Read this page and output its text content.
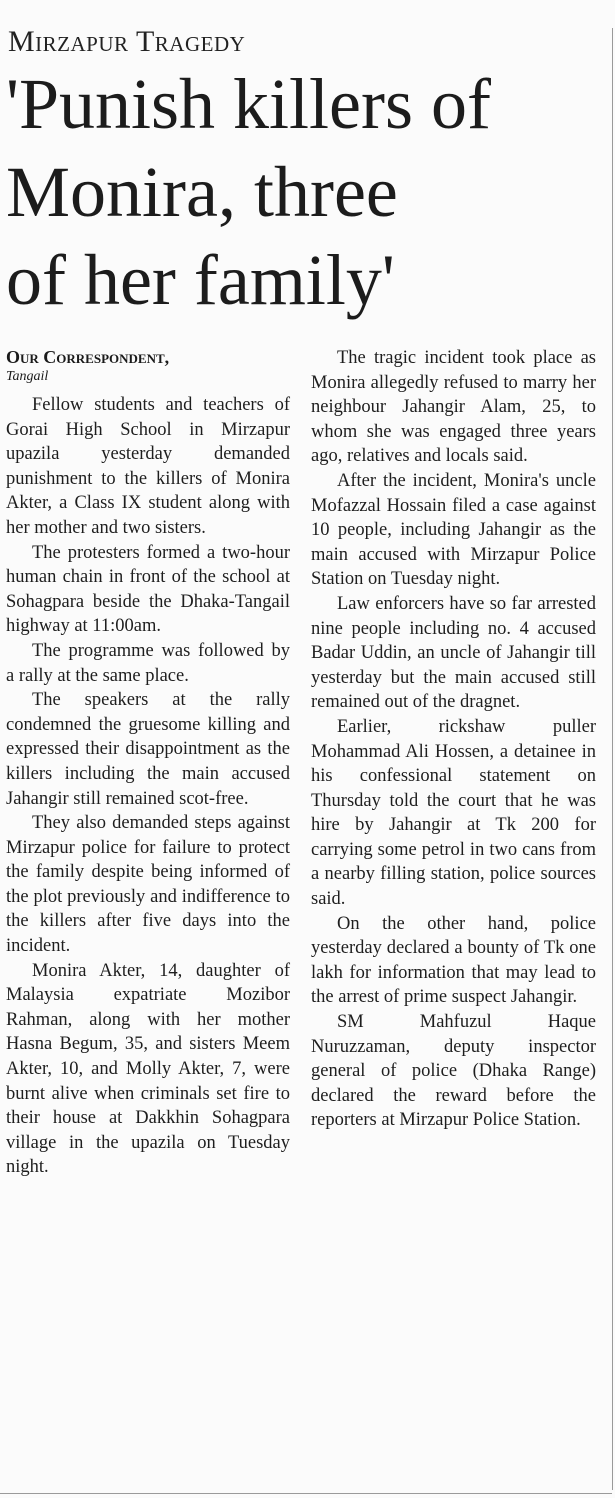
Mirzapur Tragedy
'Punish killers of
Monira, three
of her family'
Our Correspondent,
Tangail

Fellow students and teachers of Gorai High School in Mirzapur upazila yesterday demanded punishment to the killers of Monira Akter, a Class IX student along with her mother and two sisters.

The protesters formed a two-hour human chain in front of the school at Sohagpara beside the Dhaka-Tangail highway at 11:00am.

The programme was followed by a rally at the same place.

The speakers at the rally condemned the gruesome killing and expressed their disappointment as the killers including the main accused Jahangir still remained scot-free.

They also demanded steps against Mirzapur police for failure to protect the family despite being informed of the plot previously and indifference to the killers after five days into the incident.

Monira Akter, 14, daughter of Malaysia expatriate Mozibor Rahman, along with her mother Hasna Begum, 35, and sisters Meem Akter, 10, and Molly Akter, 7, were burnt alive when criminals set fire to their house at Dakkhin Sohagpara village in the upazila on Tuesday night.

The tragic incident took place as Monira allegedly refused to marry her neighbour Jahangir Alam, 25, to whom she was engaged three years ago, relatives and locals said.

After the incident, Monira's uncle Mofazzal Hossain filed a case against 10 people, including Jahangir as the main accused with Mirzapur Police Station on Tuesday night.

Law enforcers have so far arrested nine people including no. 4 accused Badar Uddin, an uncle of Jahangir till yesterday but the main accused still remained out of the dragnet.

Earlier, rickshaw puller Mohammad Ali Hossen, a detainee in his confessional statement on Thursday told the court that he was hire by Jahangir at Tk 200 for carrying some petrol in two cans from a nearby filling station, police sources said.

On the other hand, police yesterday declared a bounty of Tk one lakh for information that may lead to the arrest of prime suspect Jahangir.

SM Mahfuzul Haque Nuruzzaman, deputy inspector general of police (Dhaka Range) declared the reward before the reporters at Mirzapur Police Station.
